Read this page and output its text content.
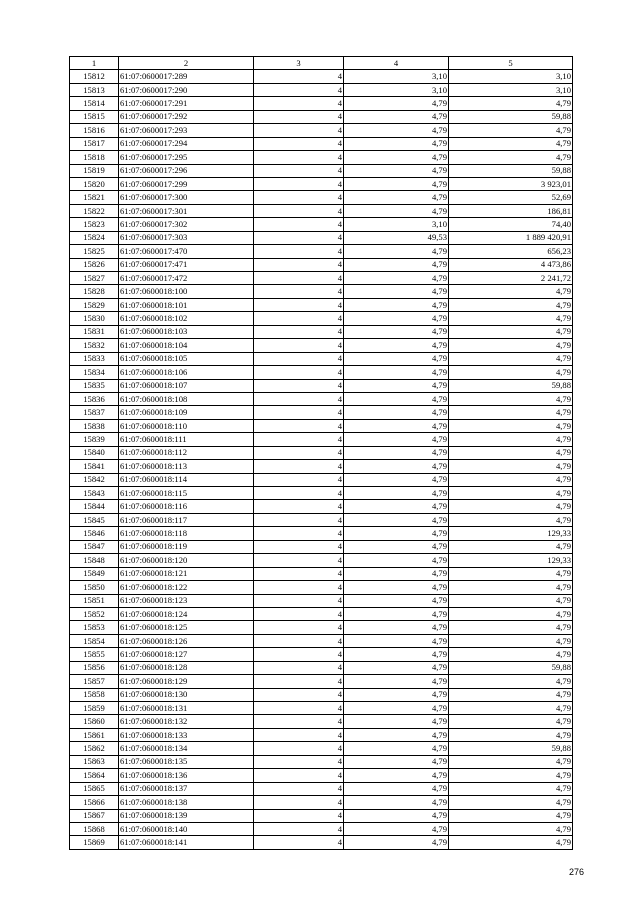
1	2	3	4	5
15812	61:07:0600017:289	4	3,10	3,10
15813	61:07:0600017:290	4	3,10	3,10
15814	61:07:0600017:291	4	4,79	4,79
15815	61:07:0600017:292	4	4,79	59,88
15816	61:07:0600017:293	4	4,79	4,79
15817	61:07:0600017:294	4	4,79	4,79
15818	61:07:0600017:295	4	4,79	4,79
15819	61:07:0600017:296	4	4,79	59,88
15820	61:07:0600017:299	4	4,79	3 923,01
15821	61:07:0600017:300	4	4,79	52,69
15822	61:07:0600017:301	4	4,79	186,81
15823	61:07:0600017:302	4	3,10	74,40
15824	61:07:0600017:303	4	49,53	1 889 420,91
15825	61:07:0600017:470	4	4,79	656,23
15826	61:07:0600017:471	4	4,79	4 473,86
15827	61:07:0600017:472	4	4,79	2 241,72
15828	61:07:0600018:100	4	4,79	4,79
15829	61:07:0600018:101	4	4,79	4,79
15830	61:07:0600018:102	4	4,79	4,79
15831	61:07:0600018:103	4	4,79	4,79
15832	61:07:0600018:104	4	4,79	4,79
15833	61:07:0600018:105	4	4,79	4,79
15834	61:07:0600018:106	4	4,79	4,79
15835	61:07:0600018:107	4	4,79	59,88
15836	61:07:0600018:108	4	4,79	4,79
15837	61:07:0600018:109	4	4,79	4,79
15838	61:07:0600018:110	4	4,79	4,79
15839	61:07:0600018:111	4	4,79	4,79
15840	61:07:0600018:112	4	4,79	4,79
15841	61:07:0600018:113	4	4,79	4,79
15842	61:07:0600018:114	4	4,79	4,79
15843	61:07:0600018:115	4	4,79	4,79
15844	61:07:0600018:116	4	4,79	4,79
15845	61:07:0600018:117	4	4,79	4,79
15846	61:07:0600018:118	4	4,79	129,33
15847	61:07:0600018:119	4	4,79	4,79
15848	61:07:0600018:120	4	4,79	129,33
15849	61:07:0600018:121	4	4,79	4,79
15850	61:07:0600018:122	4	4,79	4,79
15851	61:07:0600018:123	4	4,79	4,79
15852	61:07:0600018:124	4	4,79	4,79
15853	61:07:0600018:125	4	4,79	4,79
15854	61:07:0600018:126	4	4,79	4,79
15855	61:07:0600018:127	4	4,79	4,79
15856	61:07:0600018:128	4	4,79	59,88
15857	61:07:0600018:129	4	4,79	4,79
15858	61:07:0600018:130	4	4,79	4,79
15859	61:07:0600018:131	4	4,79	4,79
15860	61:07:0600018:132	4	4,79	4,79
15861	61:07:0600018:133	4	4,79	4,79
15862	61:07:0600018:134	4	4,79	59,88
15863	61:07:0600018:135	4	4,79	4,79
15864	61:07:0600018:136	4	4,79	4,79
15865	61:07:0600018:137	4	4,79	4,79
15866	61:07:0600018:138	4	4,79	4,79
15867	61:07:0600018:139	4	4,79	4,79
15868	61:07:0600018:140	4	4,79	4,79
15869	61:07:0600018:141	4	4,79	4,79
276
